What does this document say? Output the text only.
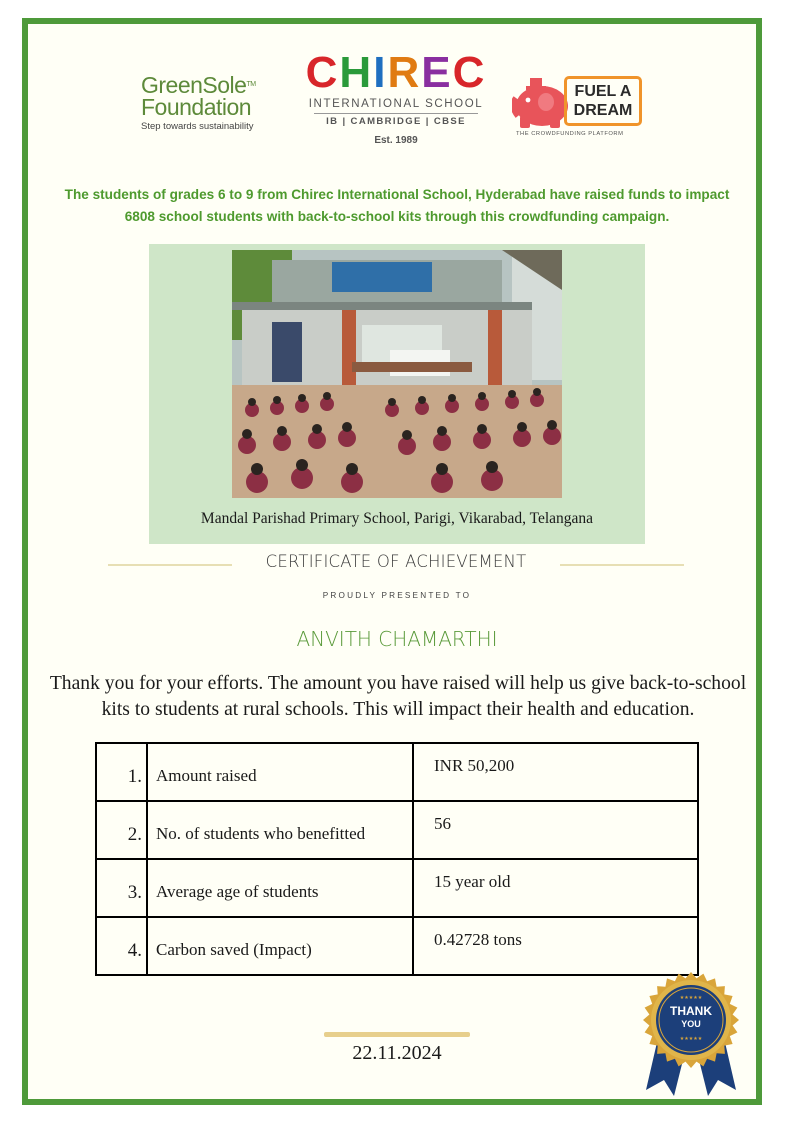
GreenSole™
Foundation
Step towards sustainability
CHIREC
INTERNATIONAL SCHOOL
IB | CAMBRIDGE | CBSE
Est. 1989
FUEL A
DREAM
THE CROWDFUNDING PLATFORM
The students of grades 6 to 9 from Chirec International School, Hyderabad have raised funds to impact 6808 school students with back-to-school kits through this crowdfunding campaign.
Mandal Parishad Primary School, Parigi, Vikarabad, Telangana
CERTIFICATE OF ACHIEVEMENT
PROUDLY PRESENTED TO
ANVITH CHAMARTHI
Thank you for your efforts. The amount you have raised will help us give back-to-school kits to students at rural schools. This will impact their health and education.
1.	Amount raised	INR 50,200
2.	No. of students who benefitted	56
3.	Average age of students	15 year old
4.	Carbon saved (Impact)	0.42728 tons
★★★★★
THANK
YOU
★★★★★
22.11.2024
